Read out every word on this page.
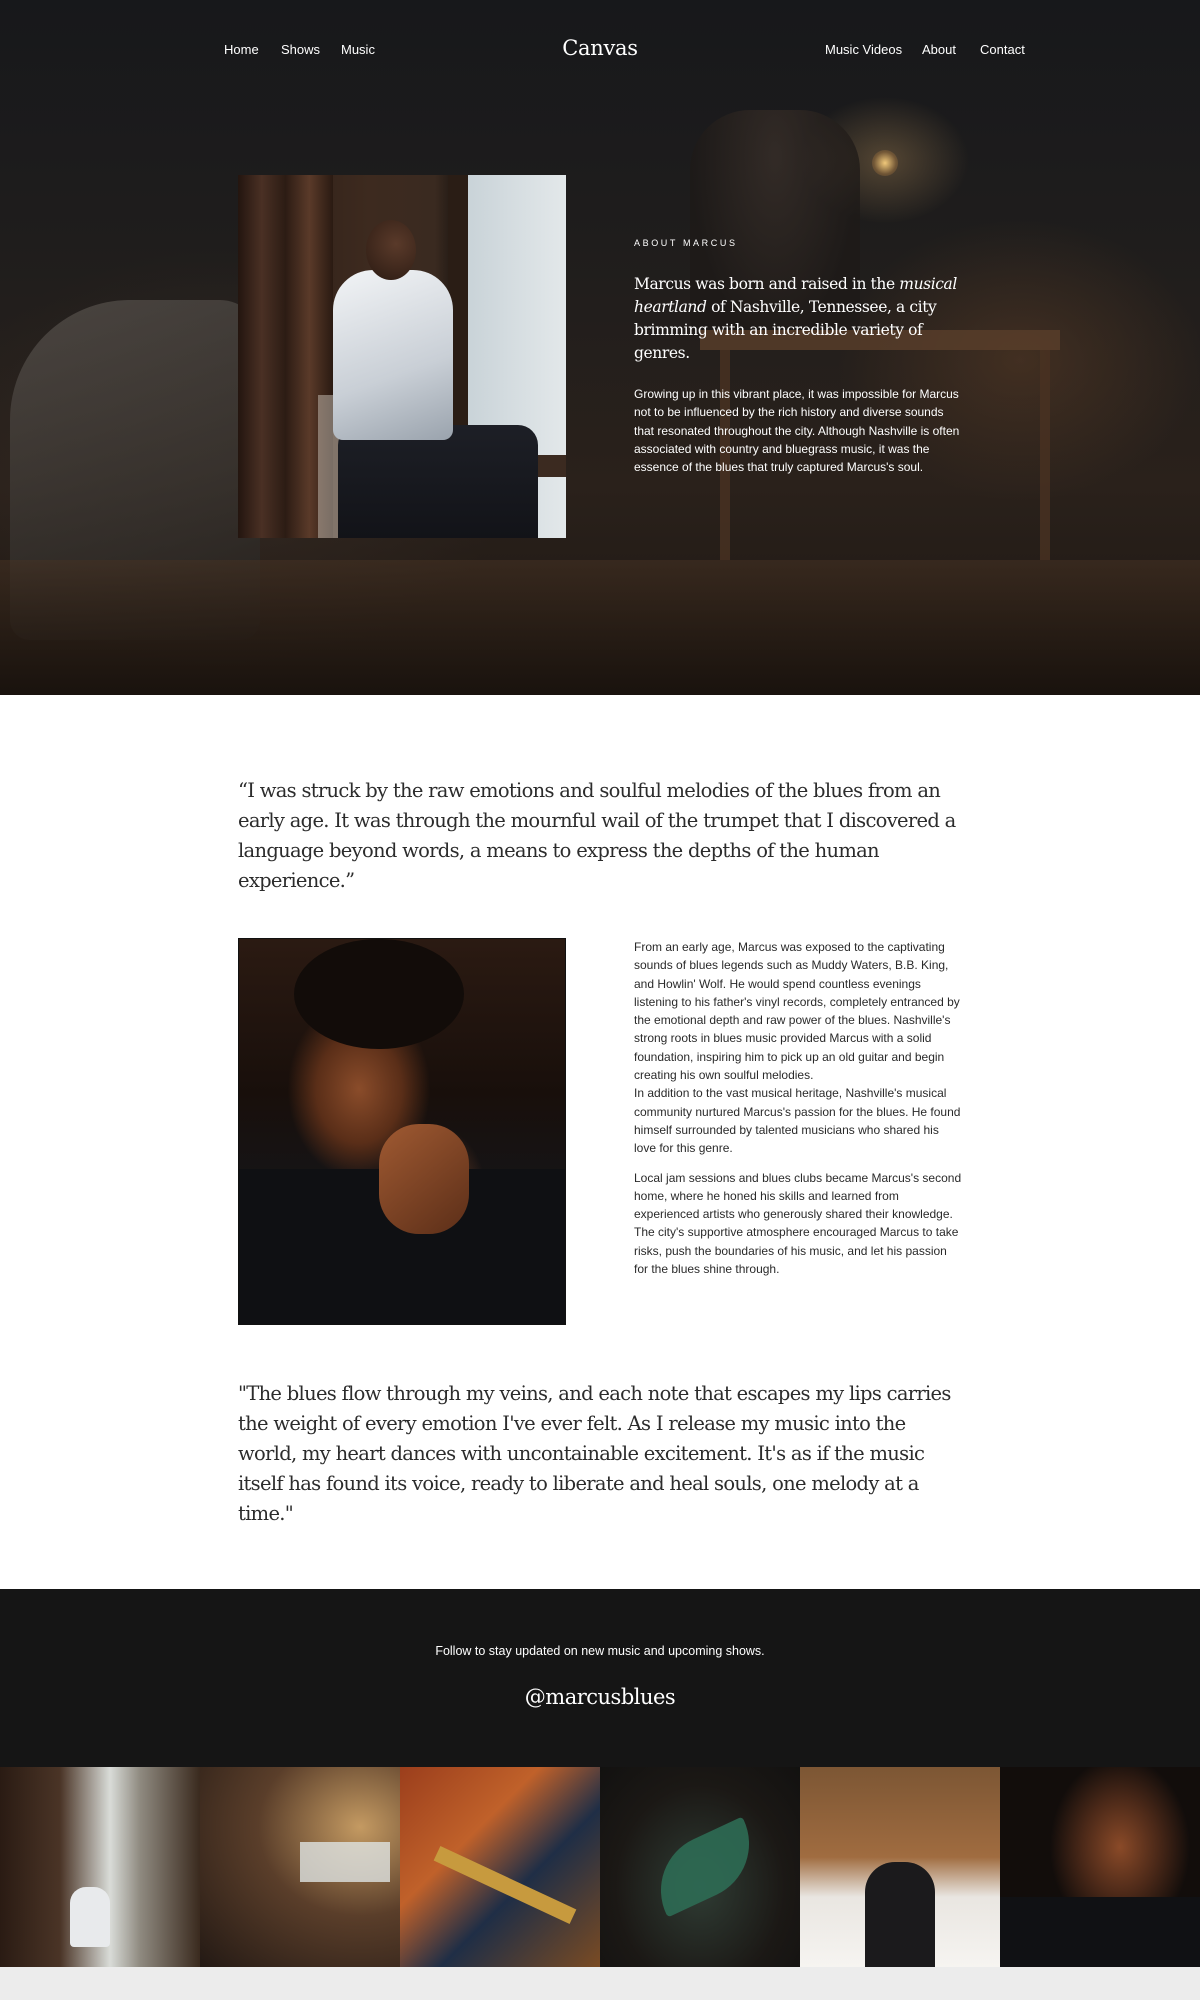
Home Shows Music	Canvas	Music Videos About Contact
ABOUT MARCUS
Marcus was born and raised in the musical heartland of Nashville, Tennessee, a city brimming with an incredible variety of genres.
Growing up in this vibrant place, it was impossible for Marcus not to be influenced by the rich history and diverse sounds that resonated throughout the city. Although Nashville is often associated with country and bluegrass music, it was the essence of the blues that truly captured Marcus's soul.
“I was struck by the raw emotions and soulful melodies of the blues from an early age. It was through the mournful wail of the trumpet that I discovered a language beyond words, a means to express the depths of the human experience.”

From an early age, Marcus was exposed to the captivating sounds of blues legends such as Muddy Waters, B.B. King, and Howlin' Wolf. He would spend countless evenings listening to his father's vinyl records, completely entranced by the emotional depth and raw power of the blues. Nashville's strong roots in blues music provided Marcus with a solid foundation, inspiring him to pick up an old guitar and begin creating his own soulful melodies.
In addition to the vast musical heritage, Nashville's musical community nurtured Marcus's passion for the blues. He found himself surrounded by talented musicians who shared his love for this genre.

Local jam sessions and blues clubs became Marcus's second home, where he honed his skills and learned from experienced artists who generously shared their knowledge. The city's supportive atmosphere encouraged Marcus to take risks, push the boundaries of his music, and let his passion for the blues shine through.

"The blues flow through my veins, and each note that escapes my lips carries the weight of every emotion I've ever felt. As I release my music into the world, my heart dances with uncontainable excitement. It's as if the music itself has found its voice, ready to liberate and heal souls, one melody at a time."
Follow to stay updated on new music and upcoming shows.
@marcusblues
